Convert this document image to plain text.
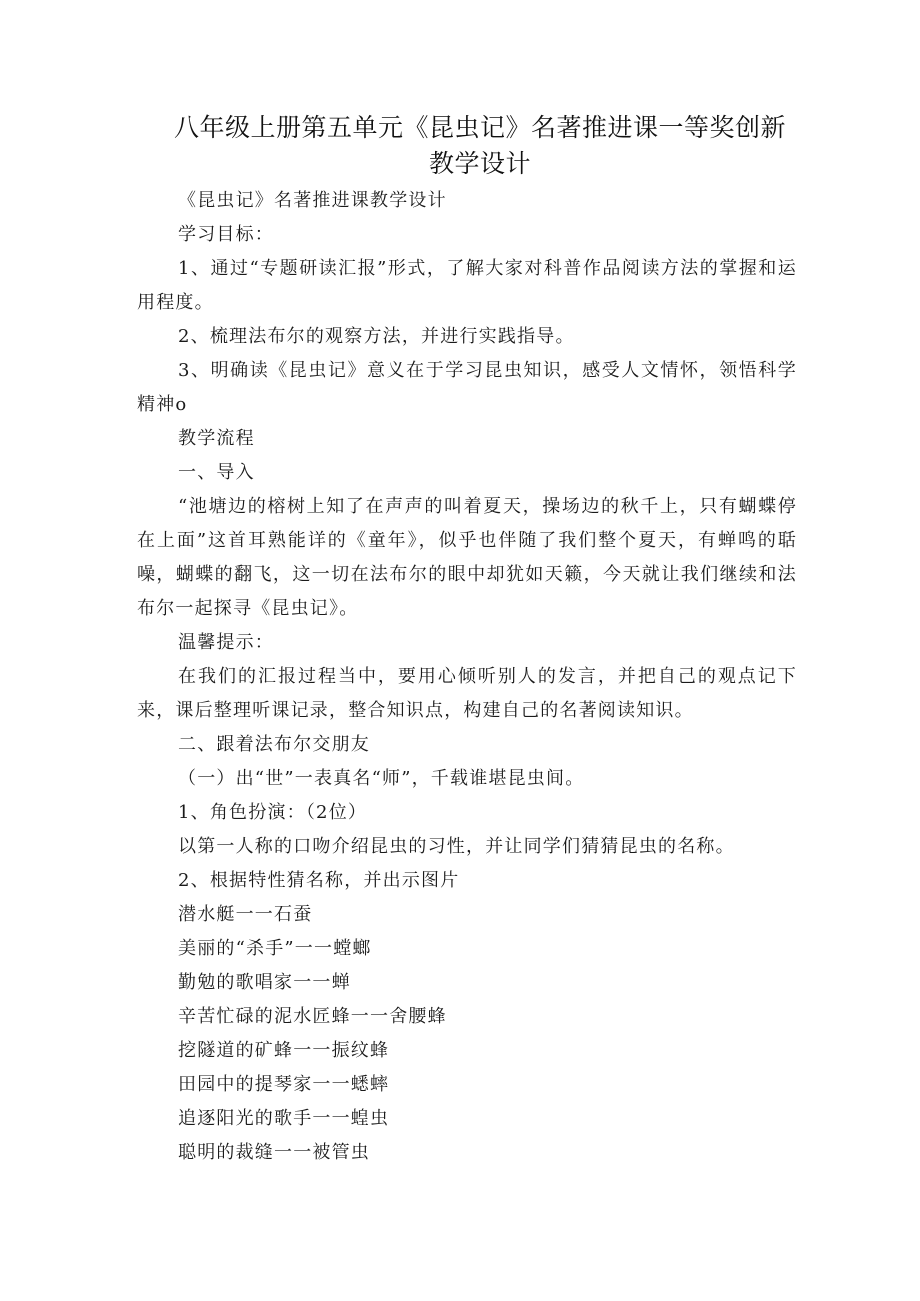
八年级上册第五单元《昆虫记》名著推进课一等奖创新
教学设计

《昆虫记》名著推进课教学设计

学习目标：

1、通过“专题研读汇报”形式，了解大家对科普作品阅读方法的掌握和运用程度。

2、梳理法布尔的观察方法，并进行实践指导。

3、明确读《昆虫记》意义在于学习昆虫知识，感受人文情怀，领悟科学精神o

教学流程

一、导入

“池塘边的榕树上知了在声声的叫着夏天，操场边的秋千上，只有蝴蝶停在上面”这首耳熟能详的《童年》，似乎也伴随了我们整个夏天，有蝉鸣的聒噪，蝴蝶的翻飞，这一切在法布尔的眼中却犹如天籁，今天就让我们继续和法布尔一起探寻《昆虫记》。

温馨提示：

在我们的汇报过程当中，要用心倾听别人的发言，并把自己的观点记下来，课后整理听课记录，整合知识点，构建自己的名著阅读知识。

二、跟着法布尔交朋友

（一）出“世”一表真名“师”，千载谁堪昆虫间。

1、角色扮演：（2位）

以第一人称的口吻介绍昆虫的习性，并让同学们猜猜昆虫的名称。

2、根据特性猜名称，并出示图片

潜水艇一一石蚕

美丽的“杀手”一一螳螂

勤勉的歌唱家一一蝉

辛苦忙碌的泥水匠蜂一一舍腰蜂

挖隧道的矿蜂一一振纹蜂

田园中的提琴家一一蟋蟀

追逐阳光的歌手一一蝗虫

聪明的裁缝一一被管虫
